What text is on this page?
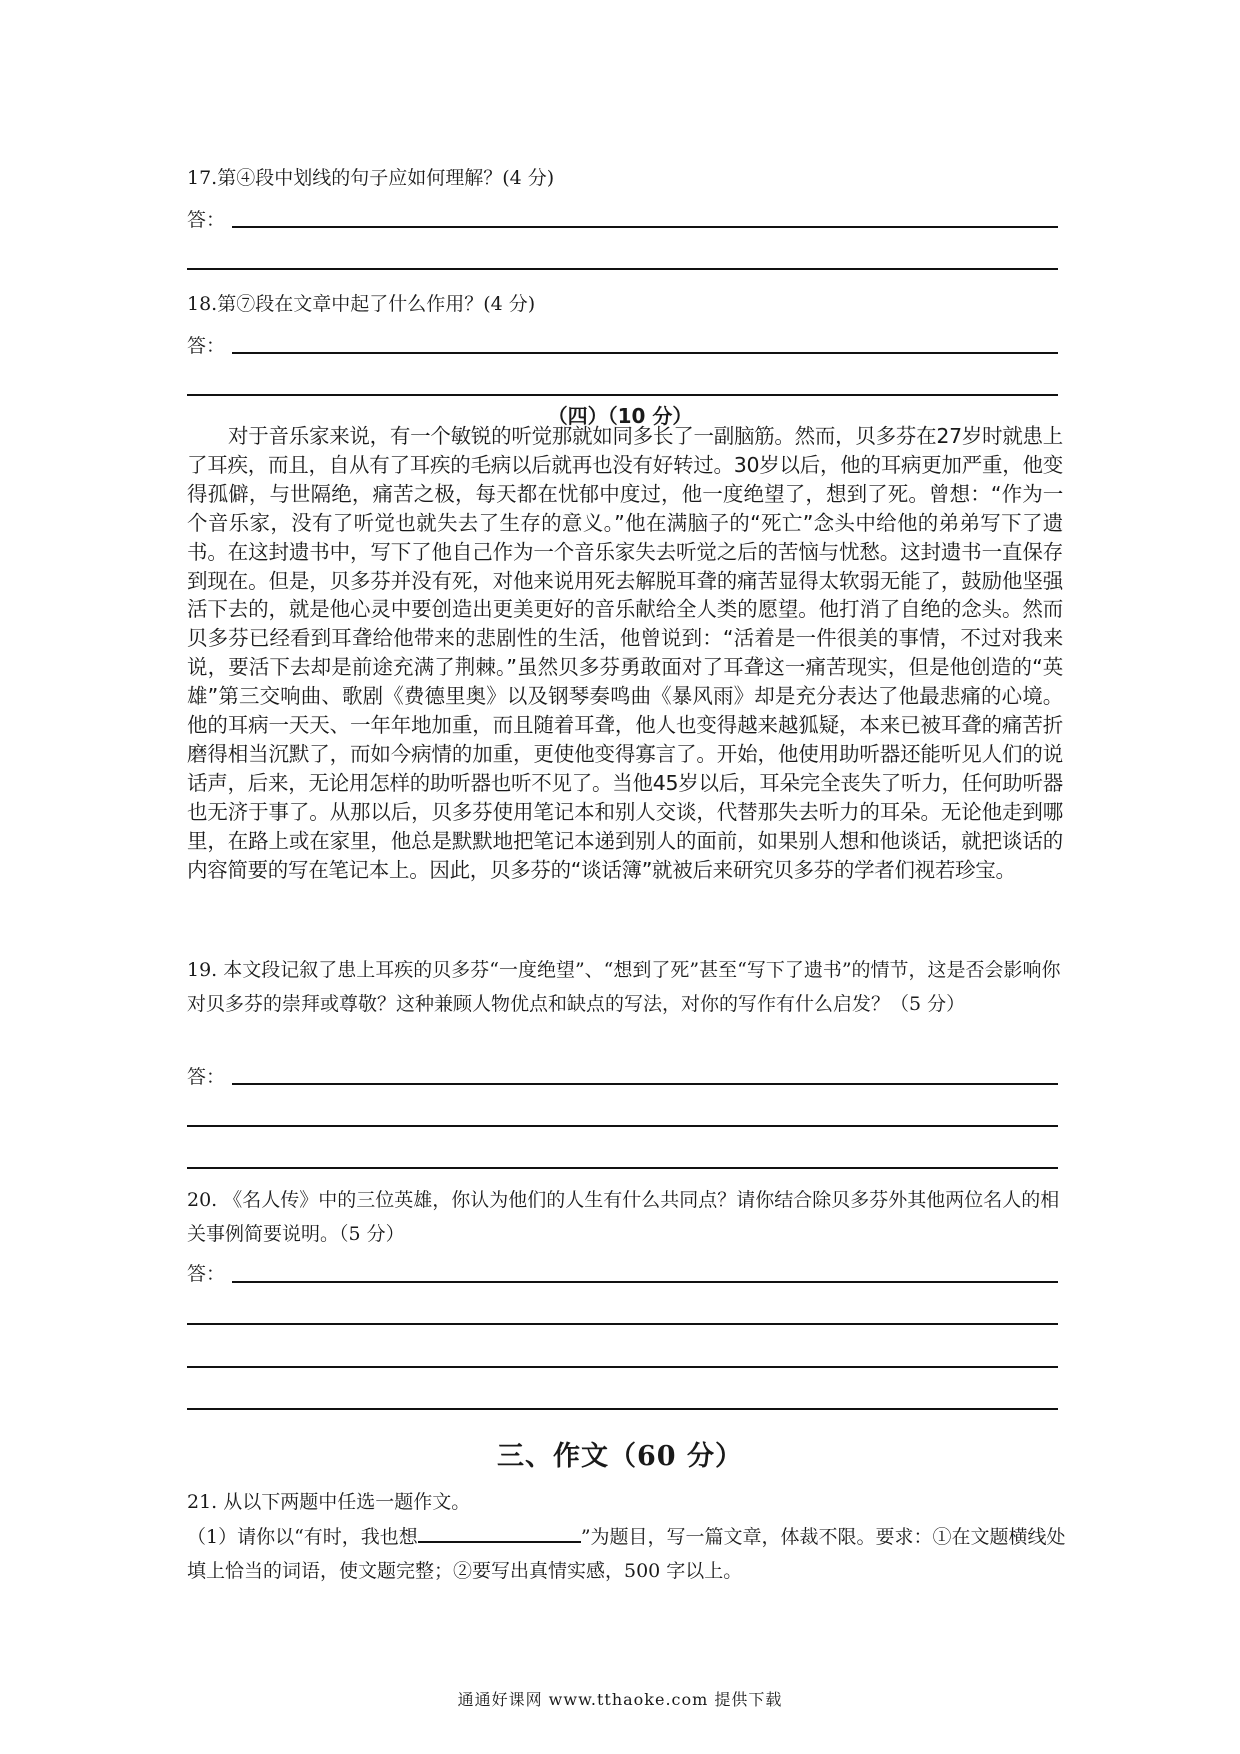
17.第④段中划线的句子应如何理解？(4 分)
答：
18.第⑦段在文章中起了什么作用？(4 分)
答：
（四）（10 分）
对于音乐家来说，有一个敏锐的听觉那就如同多长了一副脑筋。然而，贝多芬在27岁时就患上了耳疾，而且，自从有了耳疾的毛病以后就再也没有好转过。30岁以后，他的耳病更加严重，他变得孤僻，与世隔绝，痛苦之极，每天都在忧郁中度过，他一度绝望了，想到了死。曾想：“作为一个音乐家，没有了听觉也就失去了生存的意义。”他在满脑子的“死亡”念头中给他的弟弟写下了遗书。在这封遗书中，写下了他自己作为一个音乐家失去听觉之后的苦恼与忧愁。这封遗书一直保存到现在。但是，贝多芬并没有死，对他来说用死去解脱耳聋的痛苦显得太软弱无能了，鼓励他坚强活下去的，就是他心灵中要创造出更美更好的音乐献给全人类的愿望。他打消了自绝的念头。然而贝多芬已经看到耳聋给他带来的悲剧性的生活，他曾说到：“活着是一件很美的事情，不过对我来说，要活下去却是前途充满了荆棘。”虽然贝多芬勇敢面对了耳聋这一痛苦现实，但是他创造的“英雄”第三交响曲、歌剧《费德里奥》以及钢琴奏鸣曲《暴风雨》却是充分表达了他最悲痛的心境。他的耳病一天天、一年年地加重，而且随着耳聋，他人也变得越来越狐疑，本来已被耳聋的痛苦折磨得相当沉默了，而如今病情的加重，更使他变得寡言了。开始，他使用助听器还能听见人们的说话声，后来，无论用怎样的助听器也听不见了。当他45岁以后，耳朵完全丧失了听力，任何助听器也无济于事了。从那以后，贝多芬使用笔记本和别人交谈，代替那失去听力的耳朵。无论他走到哪里，在路上或在家里，他总是默默地把笔记本递到别人的面前，如果别人想和他谈话，就把谈话的内容简要的写在笔记本上。因此，贝多芬的“谈话簿”就被后来研究贝多芬的学者们视若珍宝。
19. 本文段记叙了患上耳疾的贝多芬“一度绝望”、“想到了死”甚至“写下了遗书”的情节，这是否会影响你对贝多芬的崇拜或尊敬？这种兼顾人物优点和缺点的写法，对你的写作有什么启发？（5 分）
答：
20. 《名人传》中的三位英雄，你认为他们的人生有什么共同点？请你结合除贝多芬外其他两位名人的相关事例简要说明。（5 分）
答：
三、作文（60 分）
21. 从以下两题中任选一题作文。
（1）请你以“有时，我也想	”为题目，写一篇文章，体裁不限。要求：①在文题横线处填上恰当的词语，使文题完整；②要写出真情实感，500 字以上。
通通好课网 www.tthaoke.com 提供下载
